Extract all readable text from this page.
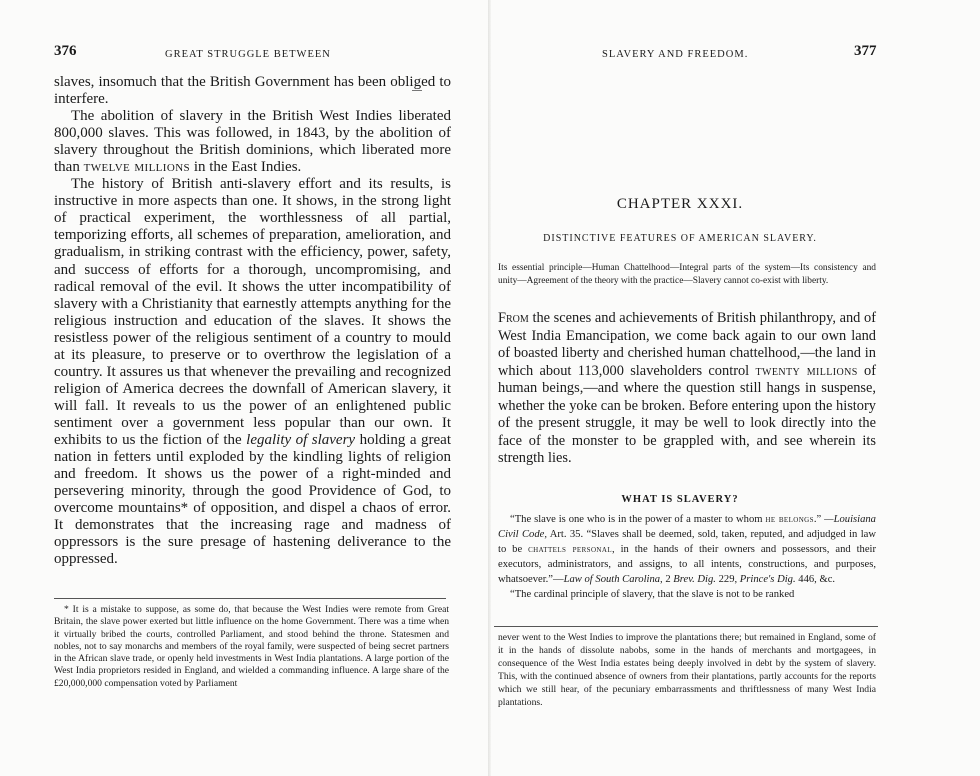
376	GREAT STRUGGLE BETWEEN

slaves, insomuch that the British Government has been obliged to interfere.

The abolition of slavery in the British West Indies liberated 800,000 slaves. This was followed, in 1843, by the abolition of slavery throughout the British dominions, which liberated more than twelve millions in the East Indies.

The history of British anti-slavery effort and its results, is instructive in more aspects than one. It shows, in the strong light of practical experiment, the worthlessness of all partial, temporizing efforts, all schemes of preparation, amelioration, and gradualism, in striking contrast with the efficiency, power, safety, and success of efforts for a thorough, uncompromising, and radical removal of the evil. It shows the utter incompatibility of slavery with a Christianity that earnestly attempts anything for the religious instruction and education of the slaves. It shows the resistless power of the religious sentiment of a country to mould at its pleasure, to preserve or to overthrow the legislation of a country. It assures us that whenever the prevailing and recognized religion of America decrees the downfall of American slavery, it will fall. It reveals to us the power of an enlightened public sentiment over a government less popular than our own. It exhibits to us the fiction of the legality of slavery holding a great nation in fetters until exploded by the kindling lights of religion and freedom. It shows us the power of a right-minded and persevering minority, through the good Providence of God, to overcome mountains* of opposition, and dispel a chaos of error. It demonstrates that the increasing rage and madness of oppressors is the sure presage of hastening deliverance to the oppressed.

* It is a mistake to suppose, as some do, that because the West Indies were remote from Great Britain, the slave power exerted but little influence on the home Government. There was a time when it virtually bribed the courts, controlled Parliament, and stood behind the throne. Statesmen and nobles, not to say monarchs and members of the royal family, were suspected of being secret partners in the African slave trade, or openly held investments in West India plantations. A large portion of the West India proprietors resided in England, and wielded a commanding influence. A large share of the £20,000,000 compensation voted by Parliament

SLAVERY AND FREEDOM.	377
CHAPTER XXXI.
DISTINCTIVE FEATURES OF AMERICAN SLAVERY.

Its essential principle—Human Chattelhood—Integral parts of the system—Its consistency and unity—Agreement of the theory with the practice—Slavery cannot co-exist with liberty.

From the scenes and achievements of British philanthropy, and of West India Emancipation, we come back again to our own land of boasted liberty and cherished human chattelhood,—the land in which about 113,000 slaveholders control twenty millions of human beings,—and where the question still hangs in suspense, whether the yoke can be broken. Before entering upon the history of the present struggle, it may be well to look directly into the face of the monster to be grappled with, and see wherein its strength lies.

WHAT IS SLAVERY?

“The slave is one who is in the power of a master to whom he belongs.” —Louisiana Civil Code, Art. 35. “Slaves shall be deemed, sold, taken, reputed, and adjudged in law to be chattels personal, in the hands of their owners and possessors, and their executors, administrators, and assigns, to all intents, constructions, and purposes, whatsoever.”—Law of South Carolina, 2 Brev. Dig. 229, Prince's Dig. 446, &c.

“The cardinal principle of slavery, that the slave is not to be ranked

never went to the West Indies to improve the plantations there; but remained in England, some of it in the hands of dissolute nabobs, some in the hands of merchants and mortgagees, in consequence of the West India estates being deeply involved in debt by the system of slavery. This, with the continued absence of owners from their plantations, partly accounts for the reports which we still hear, of the pecuniary embarrassments and thriftlessness of many West India plantations.
